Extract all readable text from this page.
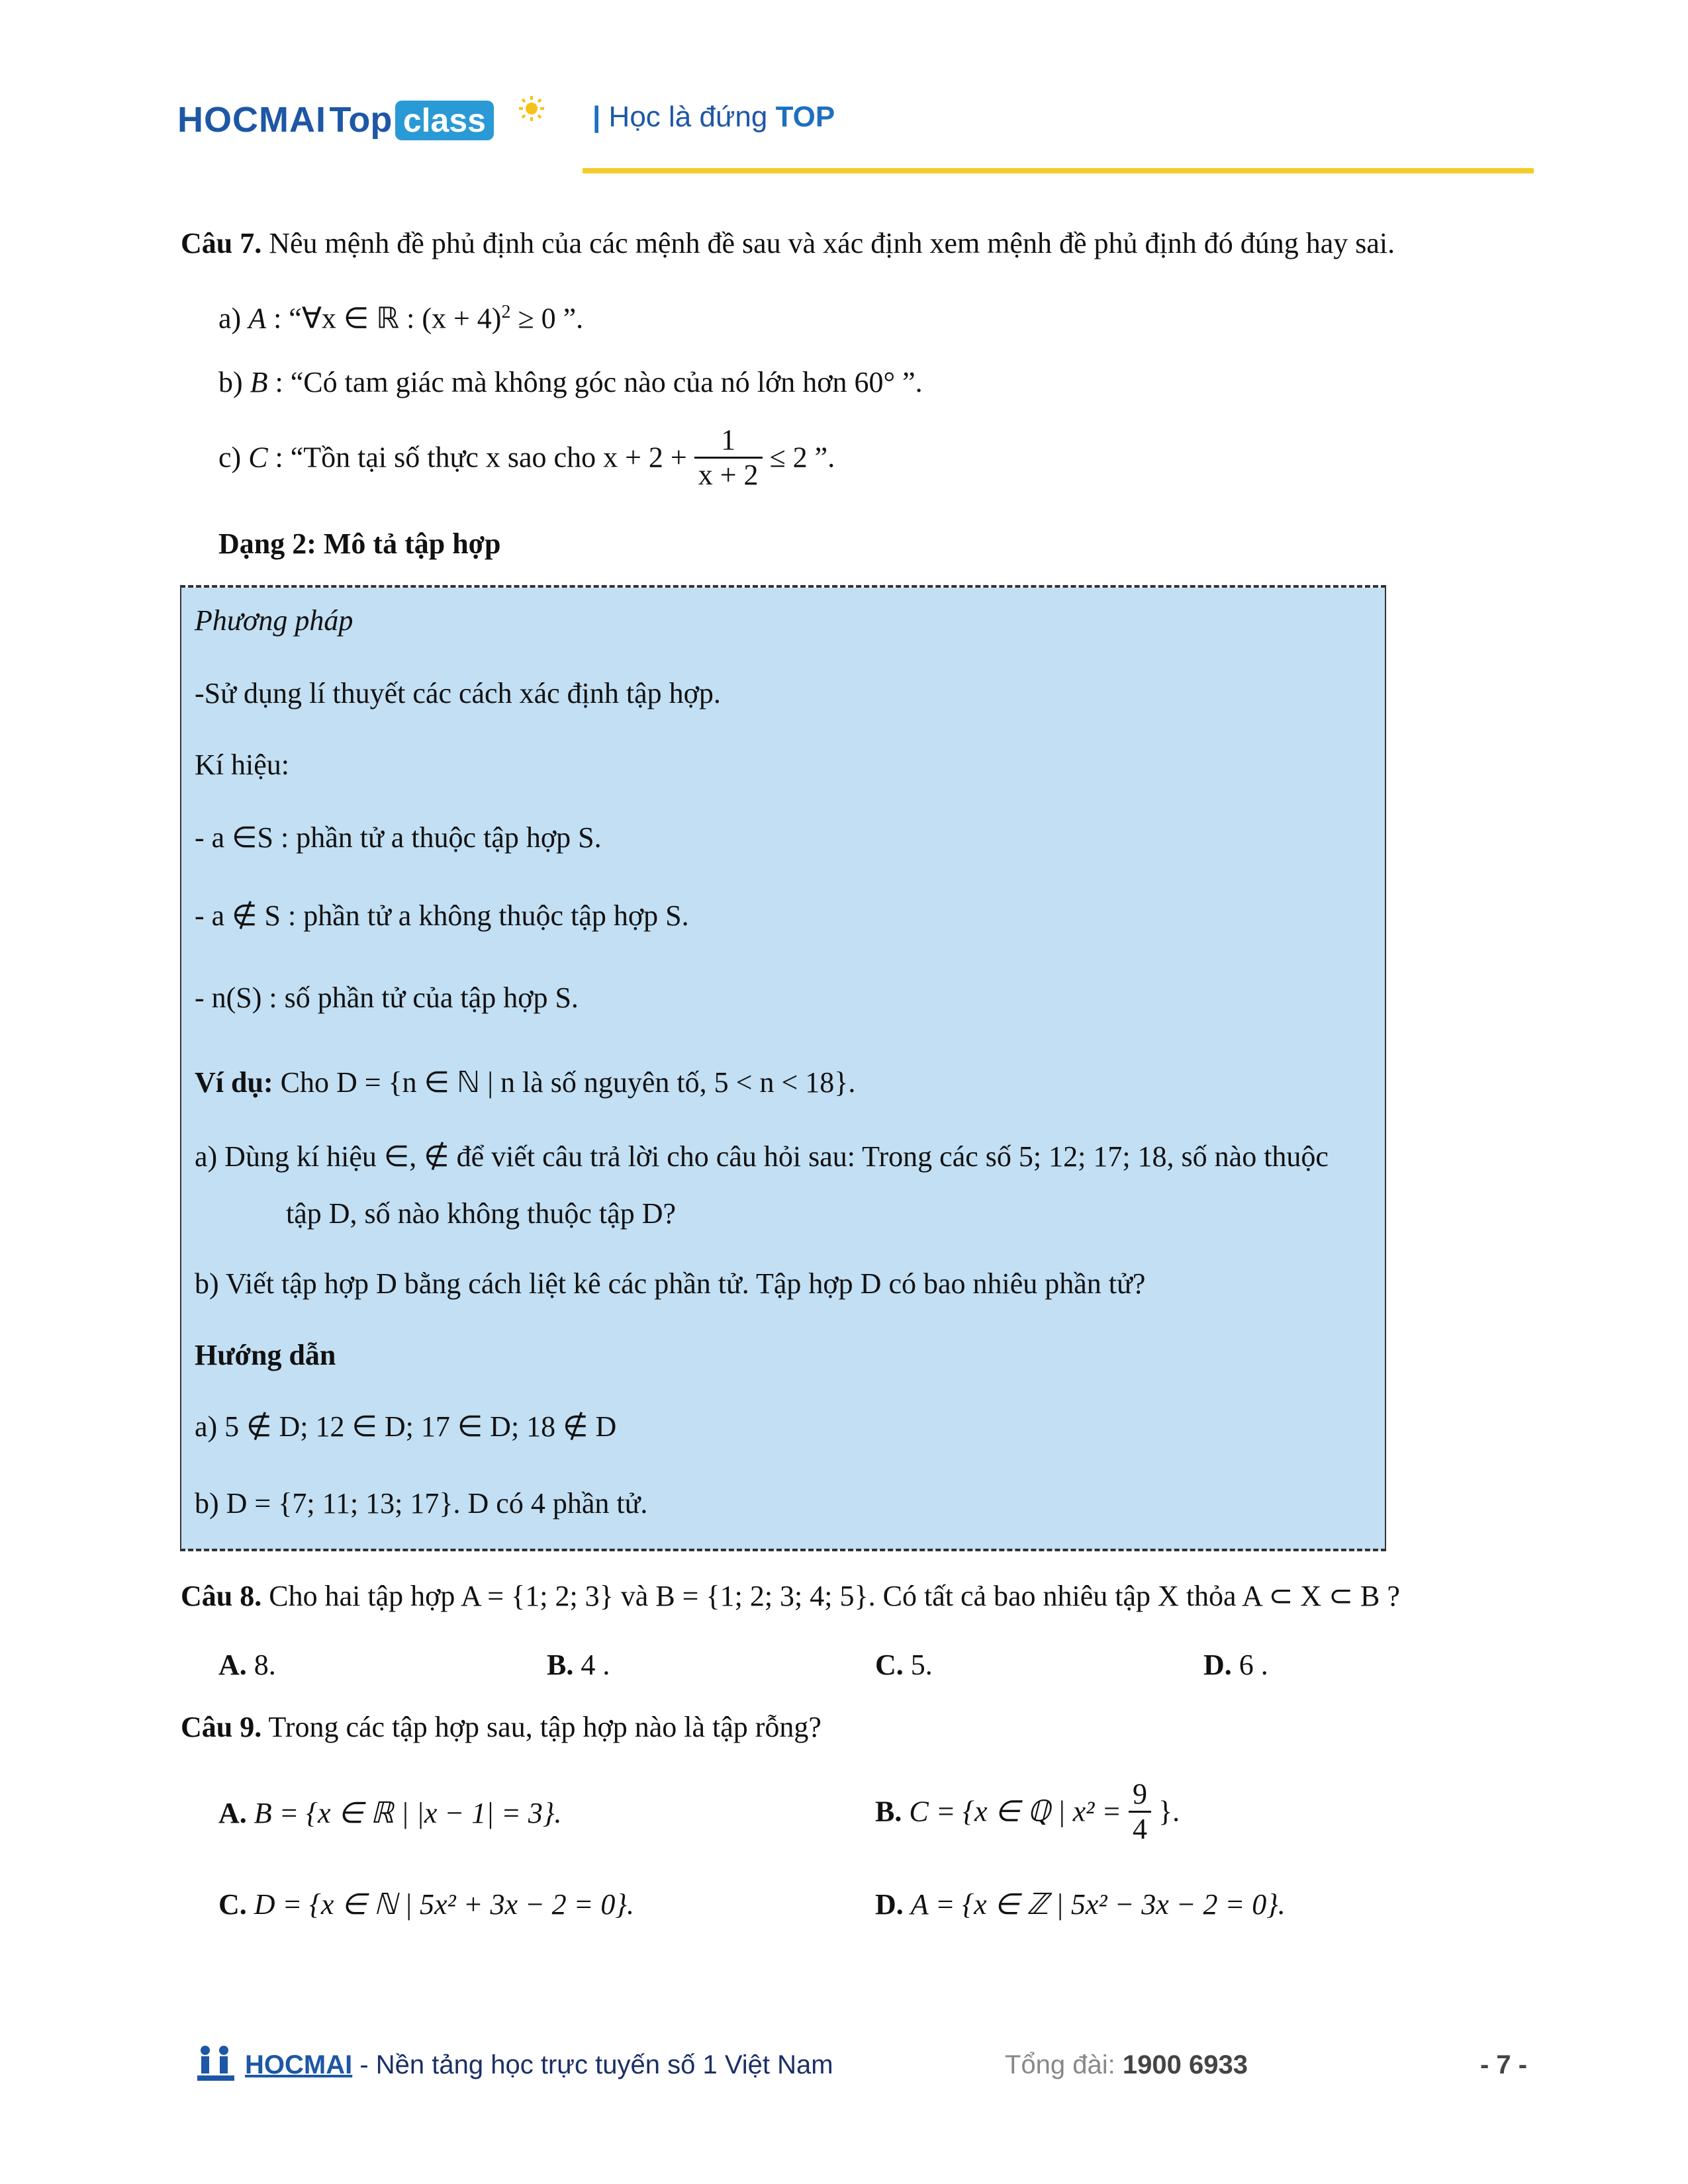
HOCMAI Top class	| Học là đứng TOP
Câu 7. Nêu mệnh đề phủ định của các mệnh đề sau và xác định xem mệnh đề phủ định đó đúng hay sai.
a) A : “∀x ∈ ℝ : $(x + 4)^2 \ge 0$ ”.
b) B : “Có tam giác mà không góc nào của nó lớn hơn 60° ”.
c) C : “Tồn tại số thực x sao cho $x + 2 + \frac{1}{x + 2} \le 2$ ”.
Dạng 2: Mô tả tập hợp
Phương pháp
-Sử dụng lí thuyết các cách xác định tập hợp.
Kí hiệu:
- a ∈S : phần tử a thuộc tập hợp S.
- a ∉ S : phần tử a không thuộc tập hợp S.
- n(S) : số phần tử của tập hợp S.
Ví dụ: Cho D = {n ∈ ℕ | n là số nguyên tố, 5 < n < 18}.
a) Dùng kí hiệu ∈, ∉ để viết câu trả lời cho câu hỏi sau: Trong các số 5; 12; 17; 18, số nào thuộc
tập D, số nào không thuộc tập D?
b) Viết tập hợp D bằng cách liệt kê các phần tử. Tập hợp D có bao nhiêu phần tử?
Hướng dẫn
a) 5 ∉ D; 12 ∈ D; 17 ∈ D; 18 ∉ D
b) D = {7; 11; 13; 17}. D có 4 phần tử.
Câu 8. Cho hai tập hợp A = {1; 2; 3} và B = {1; 2; 3; 4; 5}. Có tất cả bao nhiêu tập X thỏa A ⊂ X ⊂ B ?
A. 8.	B. 4 .	C. 5.	D. 6 .
Câu 9. Trong các tập hợp sau, tập hợp nào là tập rỗng?
A. B = {x ∈ ℝ | |x − 1| = 3}.	B. C = {x ∈ ℚ | $x^2 = \frac{9}{4}$ }.
C. D = {x ∈ ℕ | 5x² + 3x − 2 = 0}.	D. A = {x ∈ ℤ | 5x² − 3x − 2 = 0}.
HOCMAI - Nền tảng học trực tuyến số 1 Việt Nam	Tổng đài: 1900 6933	- 7 -
